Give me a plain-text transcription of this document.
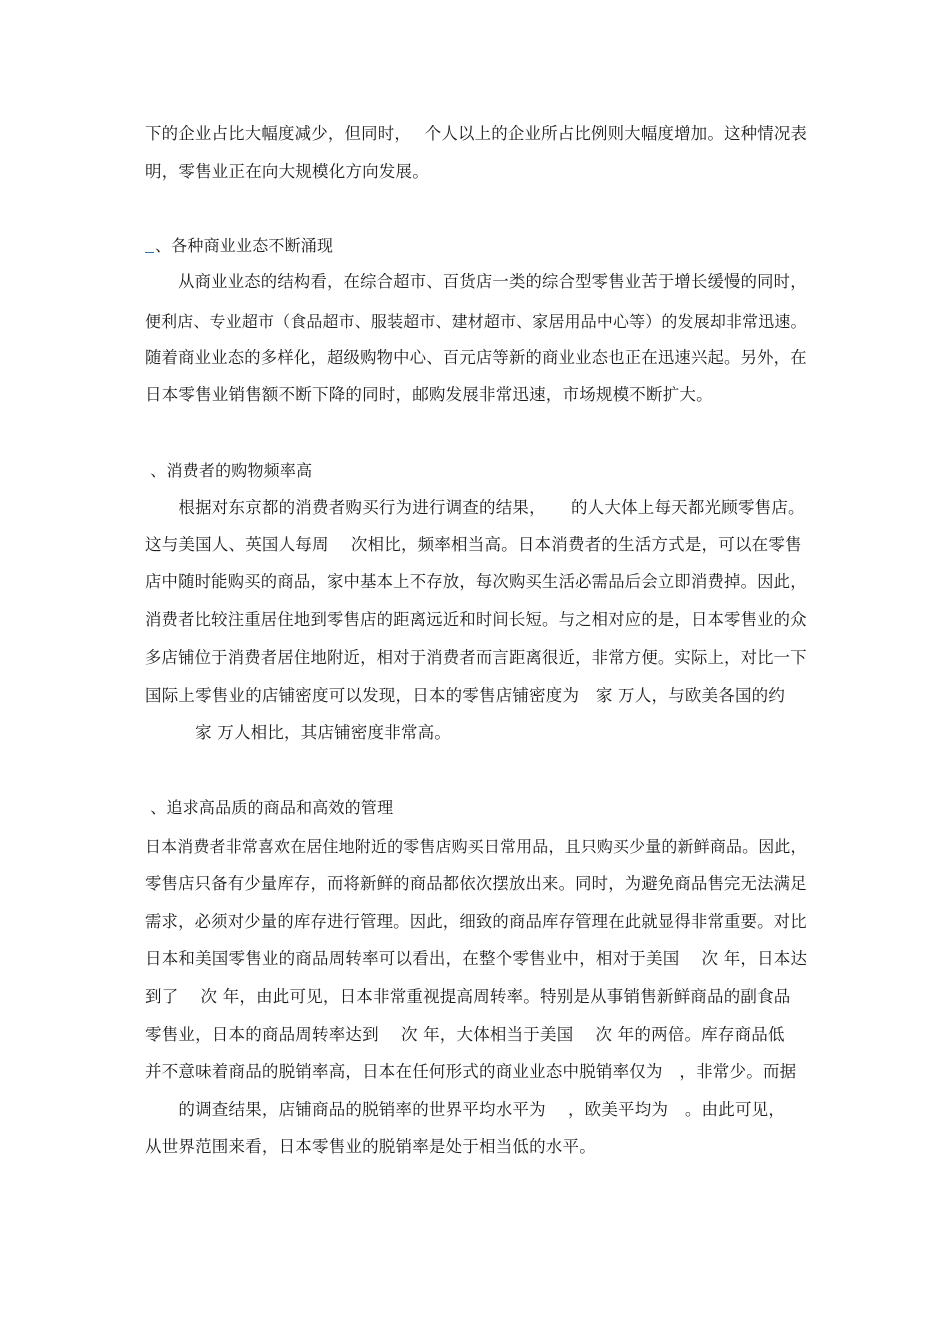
下的企业占比大幅度减少，但同时，　 个人以上的企业所占比例则大幅度增加。这种情况表
明，零售业正在向大规模化方向发展。
、各种商业业态不断涌现
　　从商业业态的结构看，在综合超市、百货店一类的综合型零售业苦于增长缓慢的同时，
便利店、专业超市（食品超市、服装超市、建材超市、家居用品中心等）的发展却非常迅速。
随着商业业态的多样化，超级购物中心、百元店等新的商业业态也正在迅速兴起。另外，在
日本零售业销售额不断下降的同时，邮购发展非常迅速，市场规模不断扩大。
、消费者的购物频率高
　　根据对东京都的消费者购买行为进行调查的结果，　　的人大体上每天都光顾零售店。
这与美国人、英国人每周　 次相比，频率相当高。日本消费者的生活方式是，可以在零售
店中随时能购买的商品，家中基本上不存放，每次购买生活必需品后会立即消费掉。因此，
消费者比较注重居住地到零售店的距离远近和时间长短。与之相对应的是，日本零售业的众
多店铺位于消费者居住地附近，相对于消费者而言距离很近，非常方便。实际上，对比一下
国际上零售业的店铺密度可以发现，日本的零售店铺密度为　家 万人，与欧美各国的约
　　　家 万人相比，其店铺密度非常高。
、追求高品质的商品和高效的管理
日本消费者非常喜欢在居住地附近的零售店购买日常用品，且只购买少量的新鲜商品。因此，
零售店只备有少量库存，而将新鲜的商品都依次摆放出来。同时，为避免商品售完无法满足
需求，必须对少量的库存进行管理。因此，细致的商品库存管理在此就显得非常重要。对比
日本和美国零售业的商品周转率可以看出，在整个零售业中，相对于美国　 次 年，日本达
到了　 次 年，由此可见，日本非常重视提高周转率。特别是从事销售新鲜商品的副食品
零售业，日本的商品周转率达到　 次 年，大体相当于美国　 次 年的两倍。库存商品低
并不意味着商品的脱销率高，日本在任何形式的商业业态中脱销率仅为　，非常少。而据
　　的调查结果，店铺商品的脱销率的世界平均水平为　 ，欧美平均为　。由此可见，
从世界范围来看，日本零售业的脱销率是处于相当低的水平。
